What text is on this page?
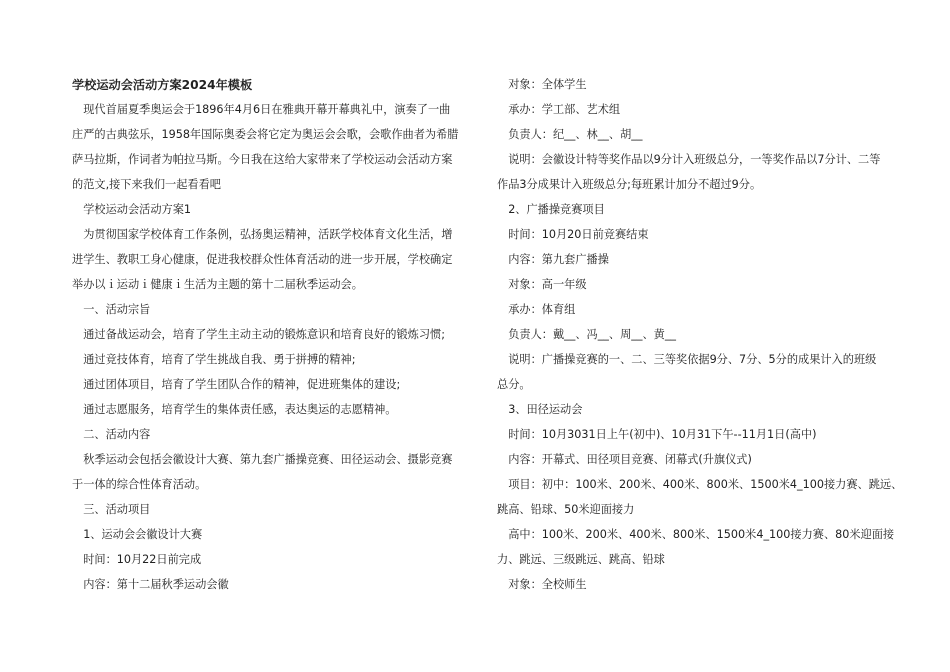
学校运动会活动方案2024年模板
　现代首届夏季奥运会于1896年4月6日在雅典开幕开幕典礼中，演奏了一曲
庄严的古典弦乐，1958年国际奥委会将它定为奥运会会歌，会歌作曲者为希腊
萨马拉斯，作词者为帕拉马斯。今日我在这给大家带来了学校运动会活动方案
的范文,接下来我们一起看看吧
　学校运动会活动方案1
　为贯彻国家学校体育工作条例，弘扬奥运精神，活跃学校体育文化生活，增
进学生、教职工身心健康，促进我校群众性体育活动的进一步开展，学校确定
举办以ｉ运动ｉ健康ｉ生活为主题的第十二届秋季运动会。
　一、活动宗旨
　通过备战运动会，培育了学生主动主动的锻炼意识和培育良好的锻炼习惯;
　通过竞技体育，培育了学生挑战自我、勇于拼搏的精神;
　通过团体项目，培育了学生团队合作的精神，促进班集体的建设;
　通过志愿服务，培育学生的集体责任感，表达奥运的志愿精神。
　二、活动内容
　秋季运动会包括会徽设计大赛、第九套广播操竞赛、田径运动会、摄影竞赛
于一体的综合性体育活动。
　三、活动项目
　1、运动会会徽设计大赛
　时间：10月22日前完成
　内容：第十二届秋季运动会徽
　对象：全体学生
　承办：学工部、艺术组
　负责人：纪__、林__、胡__
　说明：会徽设计特等奖作品以9分计入班级总分，一等奖作品以7分计、二等
作品3分成果计入班级总分;每班累计加分不超过9分。
　2、广播操竞赛项目
　时间：10月20日前竞赛结束
　内容：第九套广播操
　对象：高一年级
　承办：体育组
　负责人：戴__、冯__、周__、黄__
　说明：广播操竞赛的一、二、三等奖依据9分、7分、5分的成果计入的班级
总分。
　3、田径运动会
　时间：10月3031日上午(初中)、10月31下午--11月1日(高中)
　内容：开幕式、田径项目竞赛、闭幕式(升旗仪式)
　项目：初中：100米、200米、400米、800米、1500米4_100接力赛、跳远、
跳高、铅球、50米迎面接力
　高中：100米、200米、400米、800米、1500米4_100接力赛、80米迎面接
力、跳远、三级跳远、跳高、铅球
　对象：全校师生
